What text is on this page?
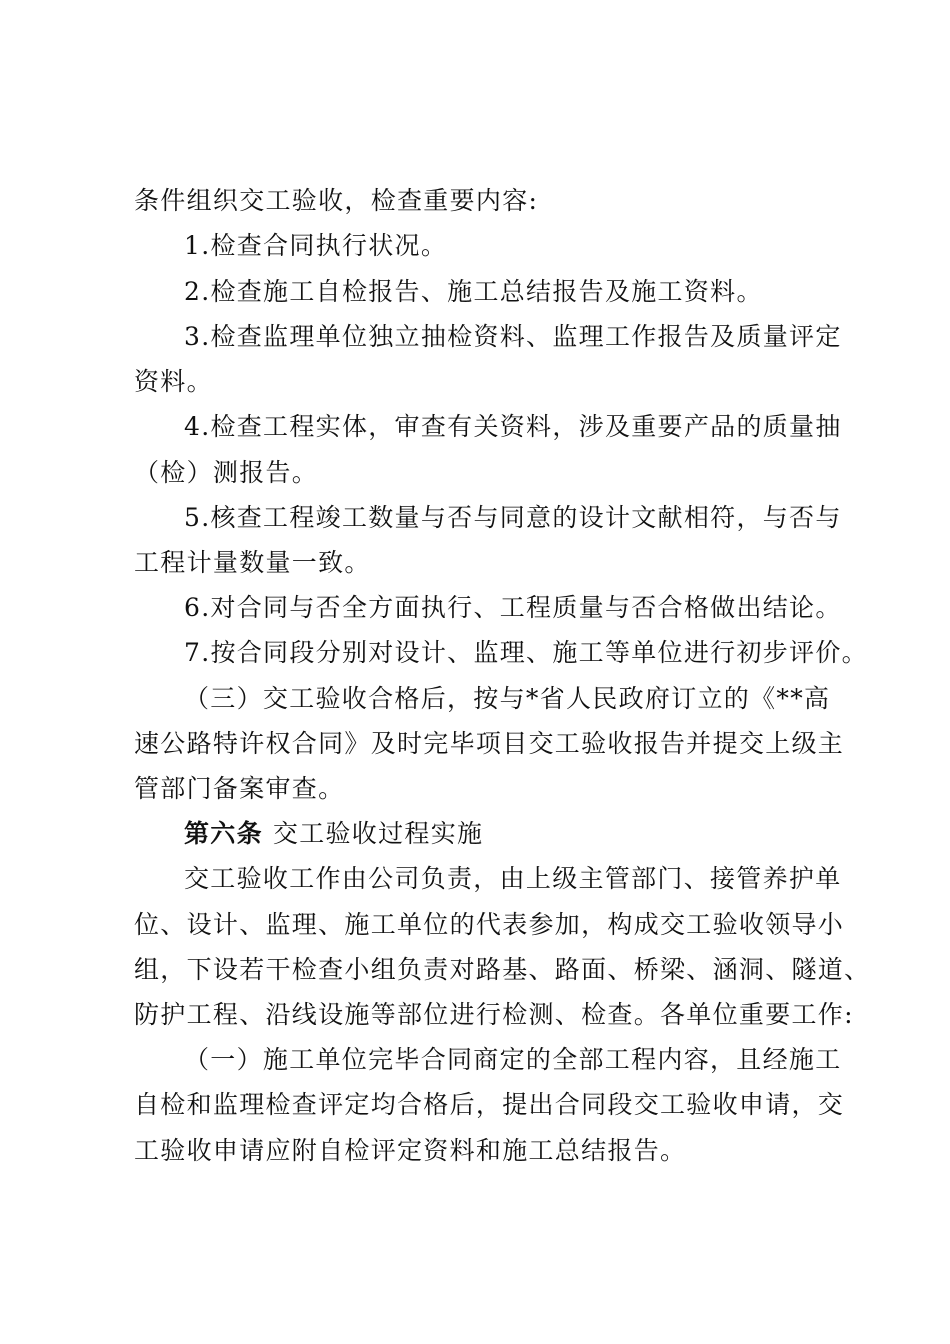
条件组织交工验收，检查重要内容:
1.检查合同执行状况。
2.检查施工自检报告、施工总结报告及施工资料。
3.检查监理单位独立抽检资料、监理工作报告及质量评定
资料。
4.检查工程实体，审查有关资料，涉及重要产品的质量抽
（检）测报告。
5.核查工程竣工数量与否与同意的设计文献相符，与否与
工程计量数量一致。
6.对合同与否全方面执行、工程质量与否合格做出结论。
7.按合同段分别对设计、监理、施工等单位进行初步评价。
（三）交工验收合格后，按与*省人民政府订立的《**高
速公路特许权合同》及时完毕项目交工验收报告并提交上级主
管部门备案审查。
第六条 交工验收过程实施
交工验收工作由公司负责，由上级主管部门、接管养护单
位、设计、监理、施工单位的代表参加，构成交工验收领导小
组，下设若干检查小组负责对路基、路面、桥梁、涵洞、隧道、
防护工程、沿线设施等部位进行检测、检查。各单位重要工作:
（一）施工单位完毕合同商定的全部工程内容，且经施工
自检和监理检查评定均合格后，提出合同段交工验收申请，交
工验收申请应附自检评定资料和施工总结报告。
